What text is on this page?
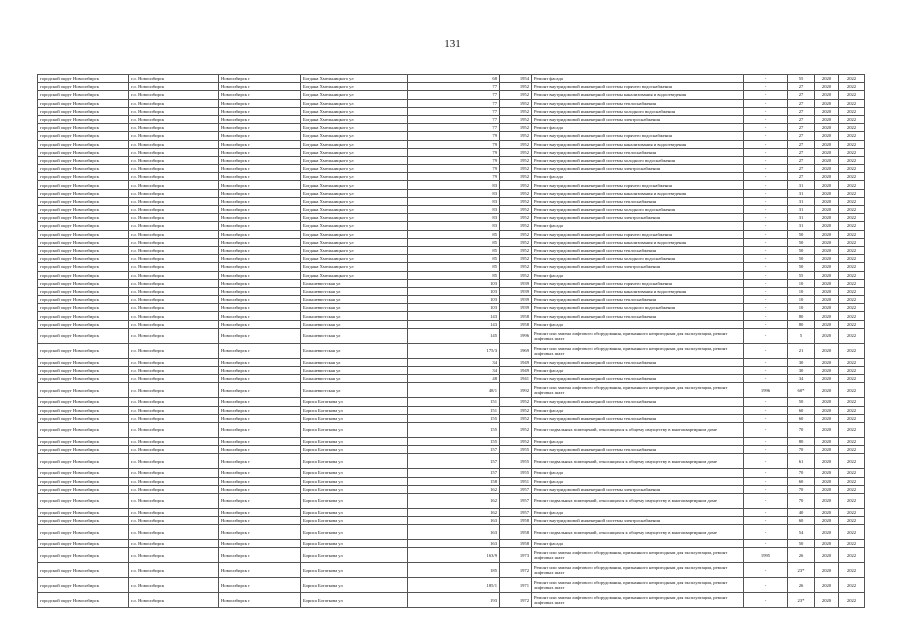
131
городской округ Новосибирск	г.о. Новосибирск	Новосибирск г	Богдана Хмельницкого ул	68	1954	Ремонт фасада	-	55	2020	2022
городской округ Новосибирск	г.о. Новосибирск	Новосибирск г	Богдана Хмельницкого ул	77	1952	Ремонт внутридомовой инженерной системы горячего водоснабжения	-	27	2020	2022
городской округ Новосибирск	г.о. Новосибирск	Новосибирск г	Богдана Хмельницкого ул	77	1952	Ремонт внутридомовой инженерной системы канализования и водоотведения	-	27	2020	2022
городской округ Новосибирск	г.о. Новосибирск	Новосибирск г	Богдана Хмельницкого ул	77	1952	Ремонт внутридомовой инженерной системы теплоснабжения	-	27	2020	2022
городской округ Новосибирск	г.о. Новосибирск	Новосибирск г	Богдана Хмельницкого ул	77	1952	Ремонт внутридомовой инженерной системы холодного водоснабжения	-	27	2020	2022
городской округ Новосибирск	г.о. Новосибирск	Новосибирск г	Богдана Хмельницкого ул	77	1952	Ремонт внутридомовой инженерной системы электроснабжения	-	27	2020	2022
городской округ Новосибирск	г.о. Новосибирск	Новосибирск г	Богдана Хмельницкого ул	77	1952	Ремонт фасада	-	27	2020	2022
городской округ Новосибирск	г.о. Новосибирск	Новосибирск г	Богдана Хмельницкого ул	79	1952	Ремонт внутридомовой инженерной системы горячего водоснабжения	-	27	2020	2022
городской округ Новосибирск	г.о. Новосибирск	Новосибирск г	Богдана Хмельницкого ул	79	1952	Ремонт внутридомовой инженерной системы канализования и водоотведения	-	27	2020	2022
городской округ Новосибирск	г.о. Новосибирск	Новосибирск г	Богдана Хмельницкого ул	79	1952	Ремонт внутридомовой инженерной системы теплоснабжения	-	27	2020	2022
городской округ Новосибирск	г.о. Новосибирск	Новосибирск г	Богдана Хмельницкого ул	79	1952	Ремонт внутридомовой инженерной системы холодного водоснабжения	-	27	2020	2022
городской округ Новосибирск	г.о. Новосибирск	Новосибирск г	Богдана Хмельницкого ул	79	1952	Ремонт внутридомовой инженерной системы электроснабжения	-	27	2020	2022
городской округ Новосибирск	г.о. Новосибирск	Новосибирск г	Богдана Хмельницкого ул	79	1952	Ремонт фасада	-	27	2020	2022
городской округ Новосибирск	г.о. Новосибирск	Новосибирск г	Богдана Хмельницкого ул	83	1952	Ремонт внутридомовой инженерной системы горячего водоснабжения	-	31	2020	2022
городской округ Новосибирск	г.о. Новосибирск	Новосибирск г	Богдана Хмельницкого ул	83	1952	Ремонт внутридомовой инженерной системы канализования и водоотведения	-	31	2020	2022
городской округ Новосибирск	г.о. Новосибирск	Новосибирск г	Богдана Хмельницкого ул	83	1952	Ремонт внутридомовой инженерной системы теплоснабжения	-	31	2020	2022
городской округ Новосибирск	г.о. Новосибирск	Новосибирск г	Богдана Хмельницкого ул	83	1952	Ремонт внутридомовой инженерной системы холодного водоснабжения	-	31	2020	2022
городской округ Новосибирск	г.о. Новосибирск	Новосибирск г	Богдана Хмельницкого ул	83	1952	Ремонт внутридомовой инженерной системы электроснабжения	-	31	2020	2022
городской округ Новосибирск	г.о. Новосибирск	Новосибирск г	Богдана Хмельницкого ул	83	1952	Ремонт фасада	-	31	2020	2022
городской округ Новосибирск	г.о. Новосибирск	Новосибирск г	Богдана Хмельницкого ул	85	1952	Ремонт внутридомовой инженерной системы горячего водоснабжения	-	50	2020	2022
городской округ Новосибирск	г.о. Новосибирск	Новосибирск г	Богдана Хмельницкого ул	85	1952	Ремонт внутридомовой инженерной системы канализования и водоотведения	-	50	2020	2022
городской округ Новосибирск	г.о. Новосибирск	Новосибирск г	Богдана Хмельницкого ул	85	1952	Ремонт внутридомовой инженерной системы теплоснабжения	-	50	2020	2022
городской округ Новосибирск	г.о. Новосибирск	Новосибирск г	Богдана Хмельницкого ул	85	1952	Ремонт внутридомовой инженерной системы холодного водоснабжения	-	50	2020	2022
городской округ Новосибирск	г.о. Новосибирск	Новосибирск г	Богдана Хмельницкого ул	85	1952	Ремонт внутридомовой инженерной системы электроснабжения	-	50	2020	2022
городской округ Новосибирск	г.о. Новосибирск	Новосибирск г	Богдана Хмельницкого ул	85	1952	Ремонт фасада	-	55	2020	2022
городской округ Новосибирск	г.о. Новосибирск	Новосибирск г	Большевистская ул	103	1939	Ремонт внутридомовой инженерной системы горячего водоснабжения	-	10	2020	2022
городской округ Новосибирск	г.о. Новосибирск	Новосибирск г	Большевистская ул	103	1939	Ремонт внутридомовой инженерной системы канализования и водоотведения	-	10	2020	2022
городской округ Новосибирск	г.о. Новосибирск	Новосибирск г	Большевистская ул	103	1939	Ремонт внутридомовой инженерной системы теплоснабжения	-	10	2020	2022
городской округ Новосибирск	г.о. Новосибирск	Новосибирск г	Большевистская ул	103	1939	Ремонт внутридомовой инженерной системы холодного водоснабжения	-	10	2020	2022
городской округ Новосибирск	г.о. Новосибирск	Новосибирск г	Большевистская ул	143	1958	Ремонт внутридомовой инженерной системы теплоснабжения	-	80	2020	2022
городской округ Новосибирск	г.о. Новосибирск	Новосибирск г	Большевистская ул	143	1958	Ремонт фасада	-	80	2020	2022
городской округ Новосибирск	г.о. Новосибирск	Новосибирск г	Большевистская ул	145	1996	Ремонт или замена лифтового оборудования, признанного непригодным для эксплуатации, ремонт лифтовых шахт	-	5	2020	2022
городской округ Новосибирск	г.о. Новосибирск	Новосибирск г	Большевистская ул	175/3	1969	Ремонт или замена лифтового оборудования, признанного непригодным для эксплуатации, ремонт лифтовых шахт	-	21	2020	2022
городской округ Новосибирск	г.о. Новосибирск	Новосибирск г	Большевистская ул	34	1949	Ремонт внутридомовой инженерной системы теплоснабжения	-	30	2020	2022
городской округ Новосибирск	г.о. Новосибирск	Новосибирск г	Большевистская ул	34	1949	Ремонт фасада	-	30	2020	2022
городской округ Новосибирск	г.о. Новосибирск	Новосибирск г	Большевистская ул	48	1941	Ремонт внутридомовой инженерной системы теплоснабжения	-	34	2020	2022
городской округ Новосибирск	г.о. Новосибирск	Новосибирск г	Большевистская ул	48/1	1992	Ремонт или замена лифтового оборудования, признанного непригодным для эксплуатации, ремонт лифтовых шахт	1996	60*	2020	2022
городской округ Новосибирск	г.о. Новосибирск	Новосибирск г	Бориса Богаткова ул	151	1952	Ремонт внутридомовой инженерной системы теплоснабжения	-	50	2020	2022
городской округ Новосибирск	г.о. Новосибирск	Новосибирск г	Бориса Богаткова ул	151	1952	Ремонт фасада	-	60	2020	2022
городской округ Новосибирск	г.о. Новосибирск	Новосибирск г	Бориса Богаткова ул	155	1952	Ремонт внутридомовой инженерной системы теплоснабжения	-	60	2020	2022
городской округ Новосибирск	г.о. Новосибирск	Новосибирск г	Бориса Богаткова ул	155	1952	Ремонт подвальных помещений, относящихся к общему имуществу в многоквартирном доме	-	70	2020	2022
городской округ Новосибирск	г.о. Новосибирск	Новосибирск г	Бориса Богаткова ул	155	1952	Ремонт фасада	-	80	2020	2022
городской округ Новосибирск	г.о. Новосибирск	Новосибирск г	Бориса Богаткова ул	157	1955	Ремонт внутридомовой инженерной системы теплоснабжения	-	70	2020	2022
городской округ Новосибирск	г.о. Новосибирск	Новосибирск г	Бориса Богаткова ул	157	1955	Ремонт подвальных помещений, относящихся к общему имуществу в многоквартирном доме	-	61	2020	2022
городской округ Новосибирск	г.о. Новосибирск	Новосибирск г	Бориса Богаткова ул	157	1955	Ремонт фасада	-	70	2020	2022
городской округ Новосибирск	г.о. Новосибирск	Новосибирск г	Бориса Богаткова ул	158	1951	Ремонт фасада	-	60	2020	2022
городской округ Новосибирск	г.о. Новосибирск	Новосибирск г	Бориса Богаткова ул	162	1957	Ремонт внутридомовой инженерной системы электроснабжения	-	70	2020	2022
городской округ Новосибирск	г.о. Новосибирск	Новосибирск г	Бориса Богаткова ул	162	1957	Ремонт подвальных помещений, относящихся к общему имуществу в многоквартирном доме	-	70	2020	2022
городской округ Новосибирск	г.о. Новосибирск	Новосибирск г	Бориса Богаткова ул	162	1957	Ремонт фасада	-	40	2020	2022
городской округ Новосибирск	г.о. Новосибирск	Новосибирск г	Бориса Богаткова ул	163	1958	Ремонт внутридомовой инженерной системы электроснабжения	-	60	2020	2022
городской округ Новосибирск	г.о. Новосибирск	Новосибирск г	Бориса Богаткова ул	163	1958	Ремонт подвальных помещений, относящихся к общему имуществу в многоквартирном доме	-	54	2020	2022
городской округ Новосибирск	г.о. Новосибирск	Новосибирск г	Бориса Богаткова ул	163	1958	Ремонт фасада	-	50	2020	2022
городской округ Новосибирск	г.о. Новосибирск	Новосибирск г	Бориса Богаткова ул	163/9	1973	Ремонт или замена лифтового оборудования, признанного непригодным для эксплуатации, ремонт лифтовых шахт	1995	26	2020	2022
городской округ Новосибирск	г.о. Новосибирск	Новосибирск г	Бориса Богаткова ул	185	1972	Ремонт или замена лифтового оборудования, признанного непригодным для эксплуатации, ремонт лифтовых шахт	-	23*	2020	2022
городской округ Новосибирск	г.о. Новосибирск	Новосибирск г	Бориса Богаткова ул	185/1	1971	Ремонт или замена лифтового оборудования, признанного непригодным для эксплуатации, ремонт лифтовых шахт	-	26	2020	2022
городской округ Новосибирск	г.о. Новосибирск	Новосибирск г	Бориса Богаткова ул	193	1972	Ремонт или замена лифтового оборудования, признанного непригодным для эксплуатации, ремонт лифтовых шахт	-	23*	2020	2022
